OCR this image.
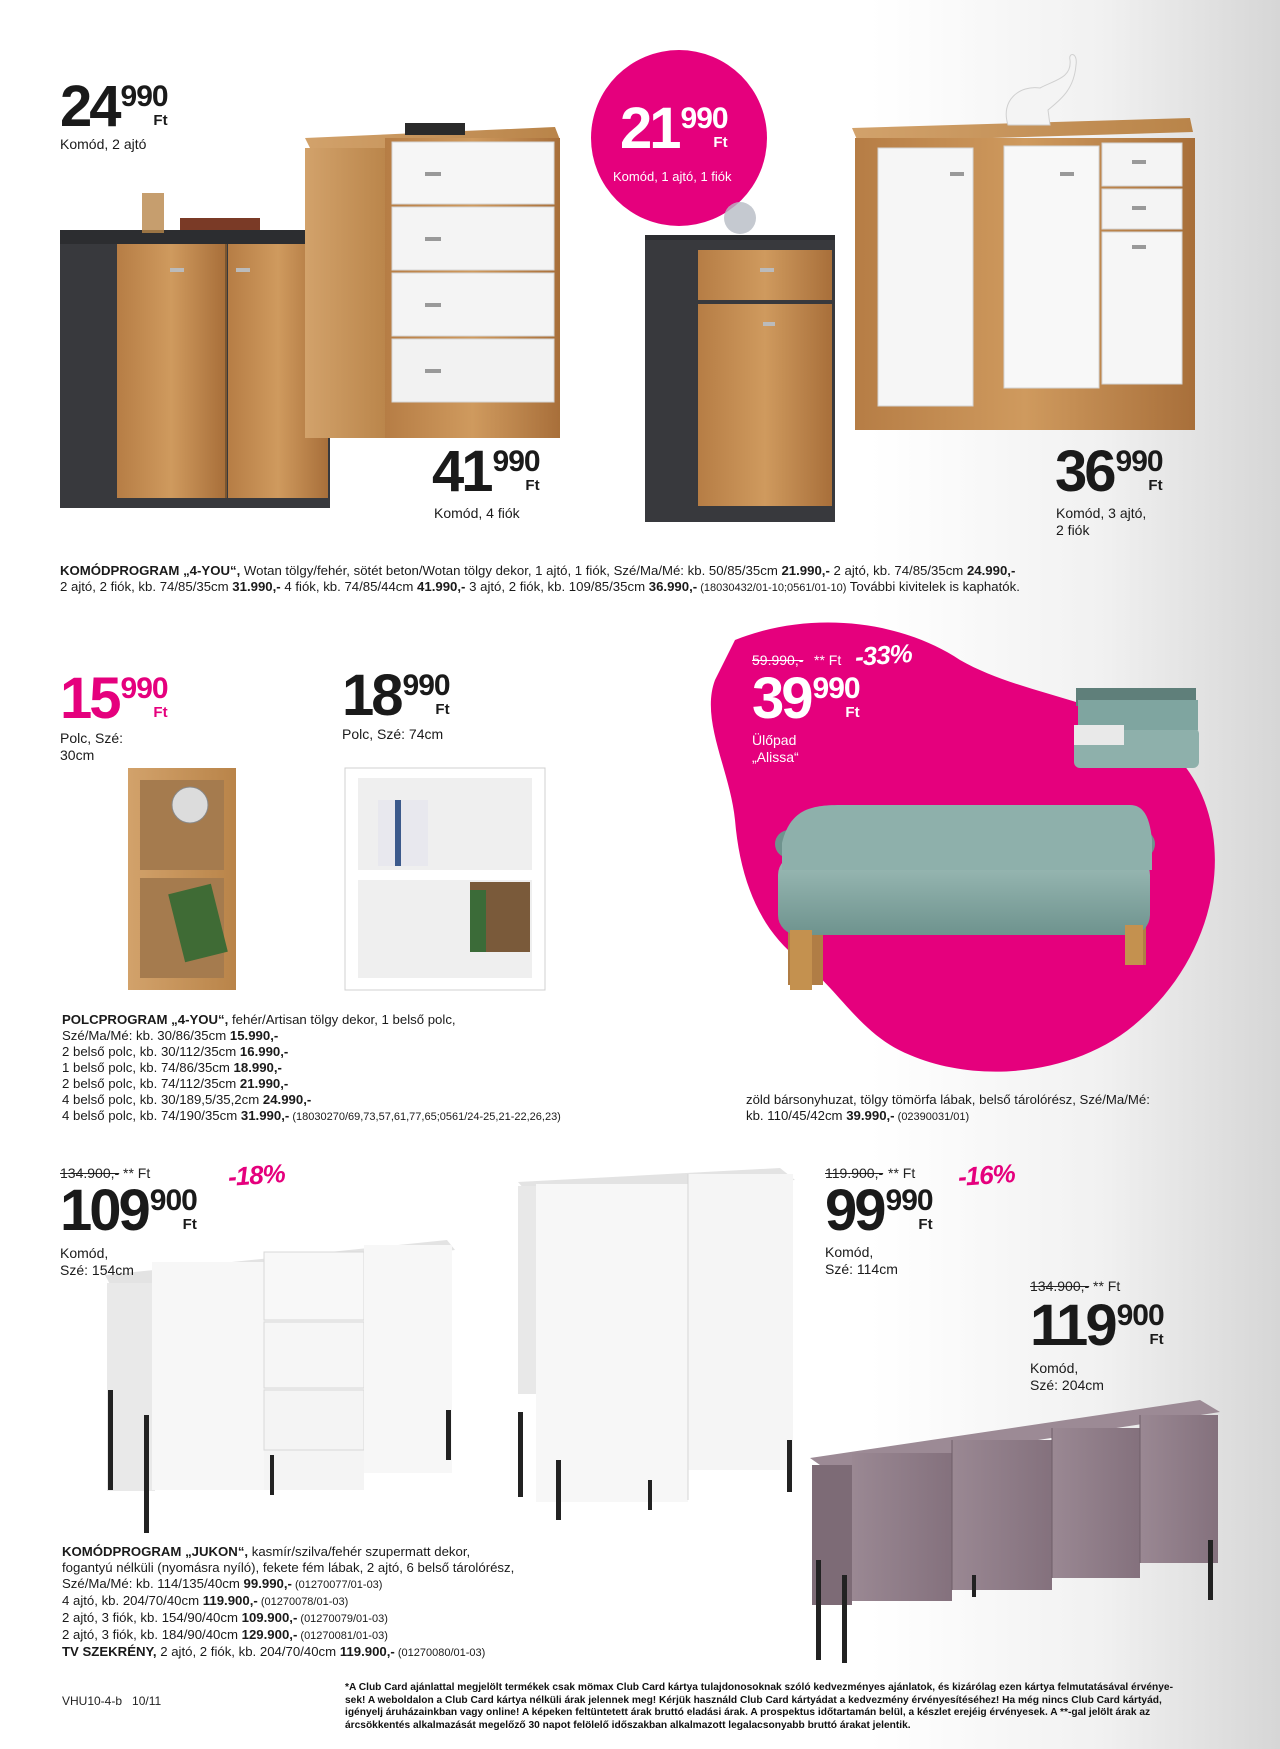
24 990
Ft
Komód, 2 ajtó	21 990
Ft
Komód, 1 ajtó, 1 fiók
41 990
Ft
Komód, 4 fiók
36 990
Ft
Komód, 3 ajtó,
2 fiók
KOMÓDPROGRAM „4-YOU“, Wotan tölgy/fehér, sötét beton/Wotan tölgy dekor, 1 ajtó, 1 fiók, Szé/Ma/Mé: kb. 50/85/35cm 21.990,- 2 ajtó, kb. 74/85/35cm 24.990,-
2 ajtó, 2 fiók, kb. 74/85/35cm 31.990,- 4 fiók, kb. 74/85/44cm 41.990,- 3 ajtó, 2 fiók, kb. 109/85/35cm 36.990,- (18030432/01-10;0561/01-10) További kivitelek is kaphatók.
15 990
Ft
Polc, Szé:
30cm
18 990
Ft
Polc, Szé: 74cm
59.990,- ** Ft -33%
39 990
Ft
Ülőpad
„Alissa“
POLCPROGRAM „4-YOU“, fehér/Artisan tölgy dekor, 1 belső polc,
Szé/Ma/Mé: kb. 30/86/35cm 15.990,-
2 belső polc, kb. 30/112/35cm 16.990,-
1 belső polc, kb. 74/86/35cm 18.990,-
2 belső polc, kb. 74/112/35cm 21.990,-
4 belső polc, kb. 30/189,5/35,2cm 24.990,-
4 belső polc, kb. 74/190/35cm 31.990,- (18030270/69,73,57,61,77,65;0561/24-25,21-22,26,23)
zöld bársonyhuzat, tölgy tömörfa lábak, belső tárolórész, Szé/Ma/Mé:
kb. 110/45/42cm 39.990,- (02390031/01)
134.900,- ** Ft	-18%
109 900
Ft
Komód,
Szé: 154cm
119.900,- ** Ft -16%
99 990
Ft
Komód,
Szé: 114cm
134.900,- ** Ft
119 900
Ft
Komód,
Szé: 204cm
KOMÓDPROGRAM „JUKON“, kasmír/szilva/fehér szupermatt dekor,
fogantyú nélküli (nyomásra nyíló), fekete fém lábak, 2 ajtó, 6 belső tárolórész,
Szé/Ma/Mé: kb. 114/135/40cm 99.990,- (01270077/01-03)
4 ajtó, kb. 204/70/40cm 119.900,- (01270078/01-03)
2 ajtó, 3 fiók, kb. 154/90/40cm 109.900,- (01270079/01-03)
2 ajtó, 3 fiók, kb. 184/90/40cm 129.900,- (01270081/01-03)
TV SZEKRÉNY, 2 ajtó, 2 fiók, kb. 204/70/40cm 119.900,- (01270080/01-03)
VHU10-4-b   10/11
*A Club Card ajánlattal megjelölt termékek csak mömax Club Card kártya tulajdonosoknak szóló kedvezményes ajánlatok, és kizárólag ezen kártya felmutatásával érvénye-
sek! A weboldalon a Club Card kártya nélküli árak jelennek meg! Kérjük használd Club Card kártyádat a kedvezmény érvényesítéséhez! Ha még nincs Club Card kártyád,
igényelj áruházainkban vagy online! A képeken feltüntetett árak bruttó eladási árak. A prospektus időtartamán belül, a készlet erejéig érvényesek. A **-gal jelölt árak az
árcsökkentés alkalmazását megelőző 30 napot felölelő időszakban alkalmazott legalacsonyabb bruttó árakat jelentik.
